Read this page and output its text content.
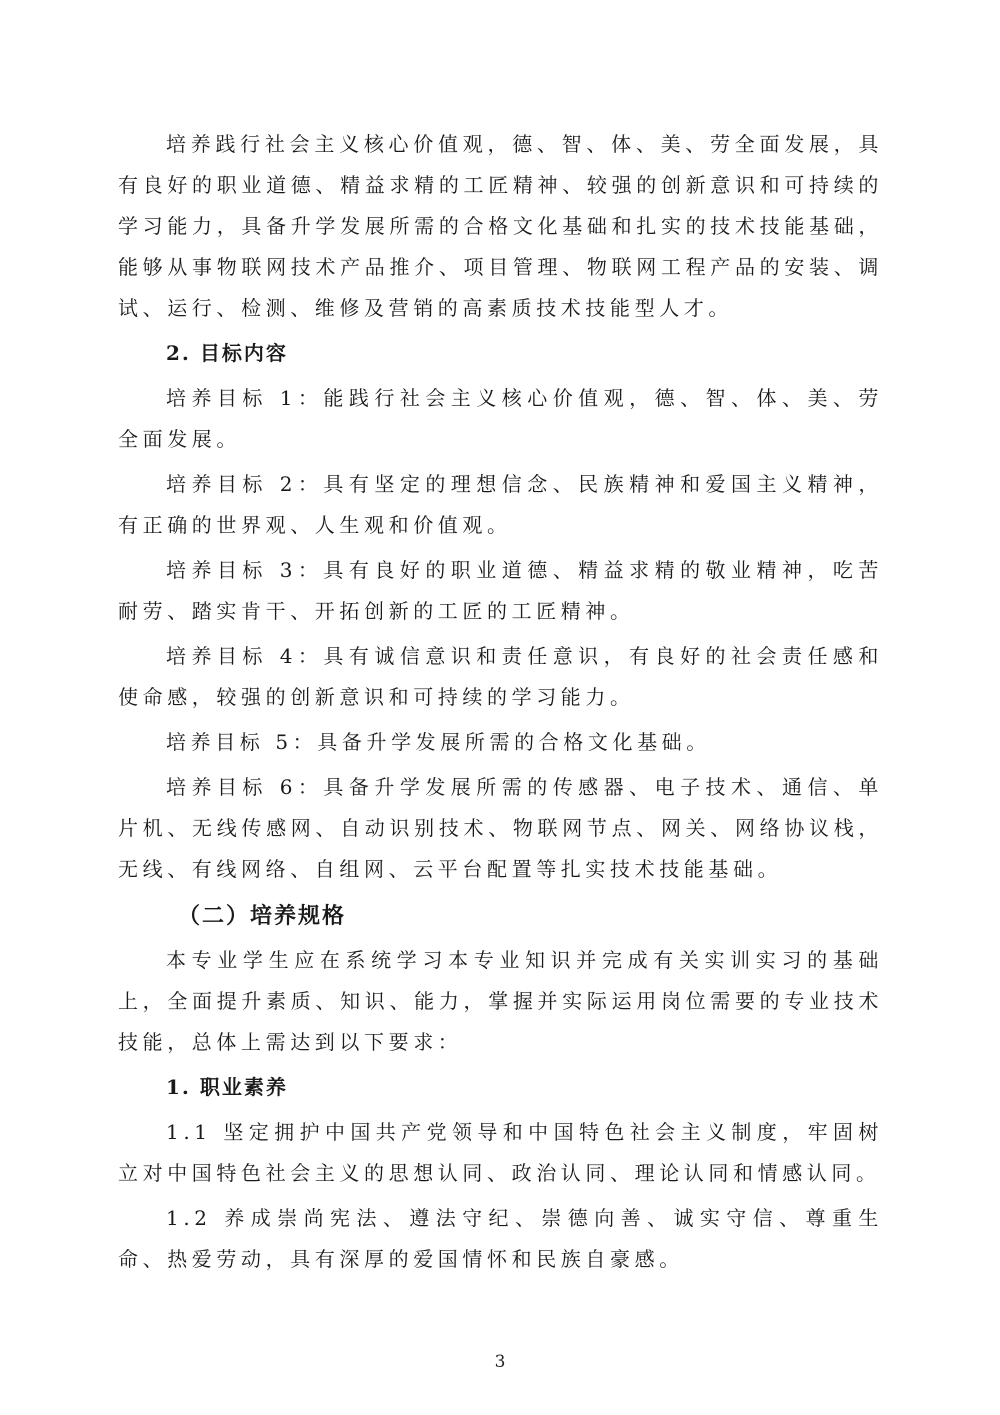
培养践行社会主义核心价值观，德、智、体、美、劳全面发展，具有良好的职业道德、精益求精的工匠精神、较强的创新意识和可持续的学习能力，具备升学发展所需的合格文化基础和扎实的技术技能基础，能够从事物联网技术产品推介、项目管理、物联网工程产品的安装、调试、运行、检测、维修及营销的高素质技术技能型人才。

2. 目标内容

培养目标 1：能践行社会主义核心价值观，德、智、体、美、劳全面发展。

培养目标 2：具有坚定的理想信念、民族精神和爱国主义精神，有正确的世界观、人生观和价值观。

培养目标 3：具有良好的职业道德、精益求精的敬业精神，吃苦耐劳、踏实肯干、开拓创新的工匠的工匠精神。

培养目标 4：具有诚信意识和责任意识，有良好的社会责任感和使命感，较强的创新意识和可持续的学习能力。

培养目标 5：具备升学发展所需的合格文化基础。

培养目标 6：具备升学发展所需的传感器、电子技术、通信、单片机、无线传感网、自动识别技术、物联网节点、网关、网络协议栈，无线、有线网络、自组网、云平台配置等扎实技术技能基础。

（二）培养规格

本专业学生应在系统学习本专业知识并完成有关实训实习的基础上，全面提升素质、知识、能力，掌握并实际运用岗位需要的专业技术技能，总体上需达到以下要求：

1. 职业素养

1.1 坚定拥护中国共产党领导和中国特色社会主义制度，牢固树立对中国特色社会主义的思想认同、政治认同、理论认同和情感认同。

1.2 养成崇尚宪法、遵法守纪、崇德向善、诚实守信、尊重生命、热爱劳动，具有深厚的爱国情怀和民族自豪感。

3
